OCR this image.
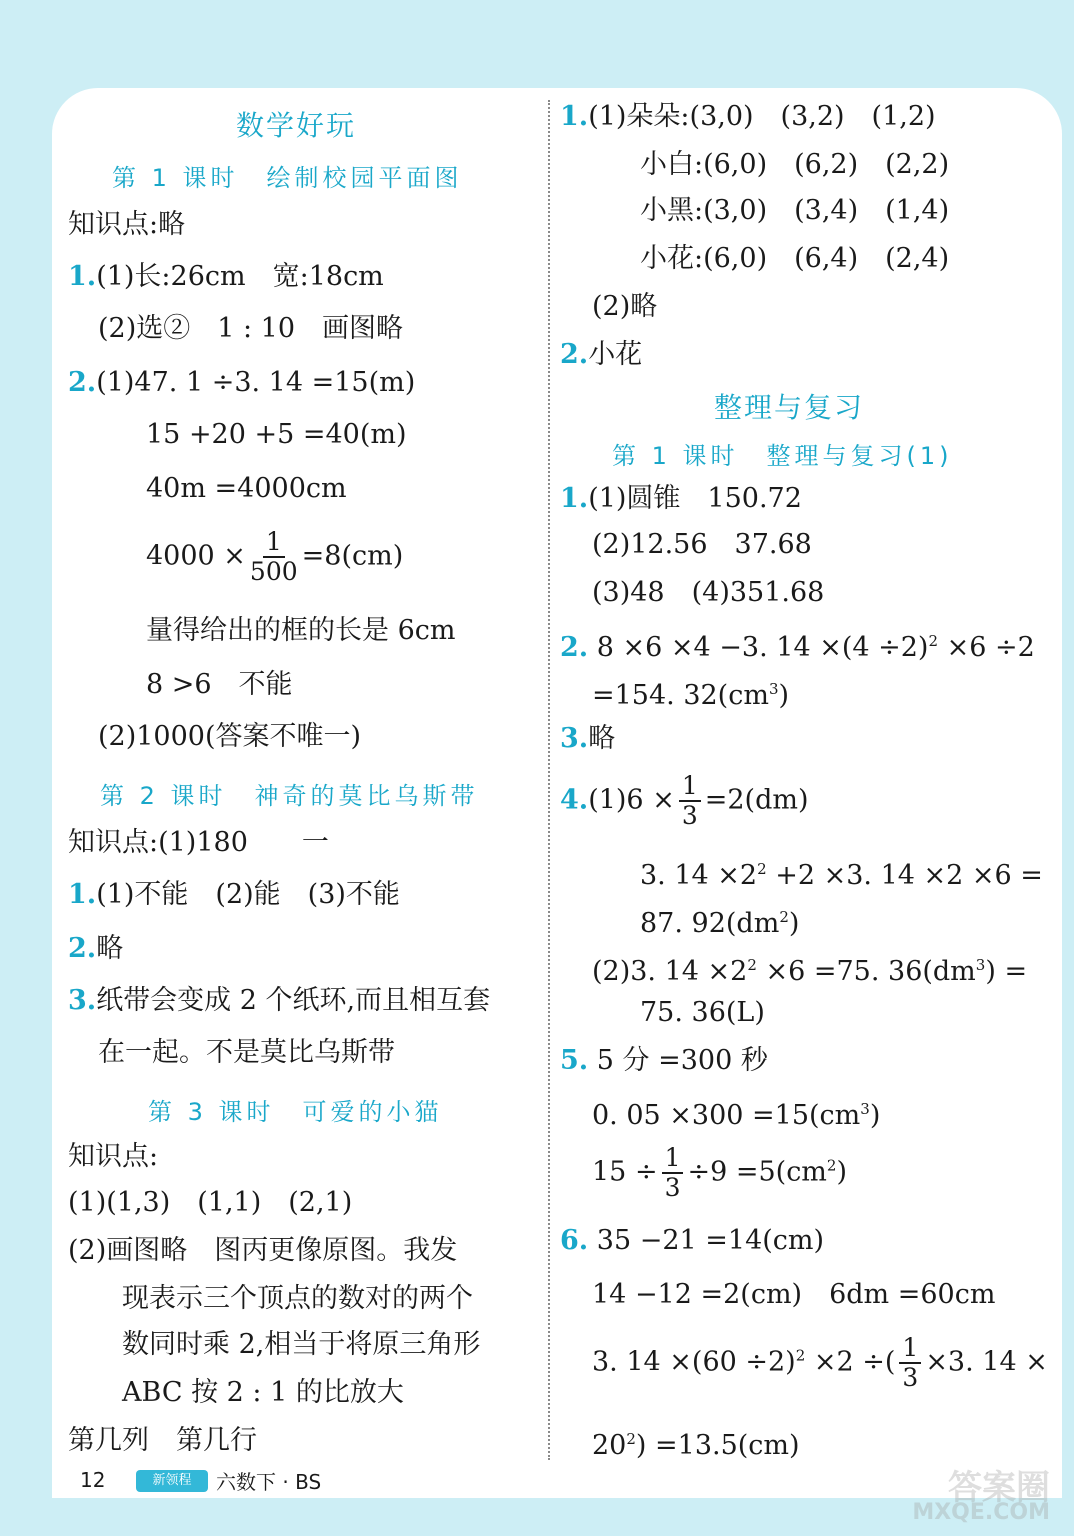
数学好玩
第 1 课时　绘制校园平面图
知识点:略
1.(1)长:26cm　宽:18cm
(2)选②　1 : 10　画图略
2.(1)47. 1 ÷3. 14 =15(m)
15 +20 +5 =40(m)
40m =4000cm
$4000 \times \frac{1}{500} =8(cm)$
量得给出的框的长是 6cm
8 >6　不能
(2)1000(答案不唯一)
第 2 课时　神奇的莫比乌斯带
知识点:(1)180　　一
1.(1)不能　(2)能　(3)不能
2.略
3.纸带会变成 2 个纸环,而且相互套
在一起。不是莫比乌斯带
第 3 课时　可爱的小猫
知识点:
(1)(1,3)　(1,1)　(2,1)
(2)画图略　图丙更像原图。我发
现表示三个顶点的数对的两个
数同时乘 2,相当于将原三角形
ABC 按 2 : 1 的比放大
第几列　第几行
1.(1)朵朵:(3,0)　(3,2)　(1,2)
小白:(6,0)　(6,2)　(2,2)
小黑:(3,0)　(3,4)　(1,4)
小花:(6,0)　(6,4)　(2,4)
(2)略
2.小花
整理与复习
第 1 课时　整理与复习(1)
1.(1)圆锥　150.72
(2)12.56　37.68
(3)48　(4)351.68
2. 8 ×6 ×4 −3. $14 \times(4 \div 2)^2 \times 6 \div 2$
=154. $32(cm^3)$
3.略
$4.(1)6 \times \frac{1}{3} =2(dm)$
3. $14 \times 2^2 +2 \times 3$. 14 ×2 ×6 =
87. $92(dm^2)$
(2)3. $14 \times 2^2 \times 6 =75$. $36(dm^3)$ =
75. 36(L)
5. 5 分 =300 秒
0. $05 \times 300 =15(cm^3)$
$15 \div \frac{1}{3} \div 9 =5(cm^2)$
6. 35 −21 =14(cm)
14 −12 =2(cm)　6dm =60cm
3. $14 \times(60 \div 2)^2 \times 2$ ÷( $\frac{1}{3} \times 3$. 14 ×
$20^2) =13.5(cm)$
12	新领程	六数下 · BS	答案圈
MXQE.COM
